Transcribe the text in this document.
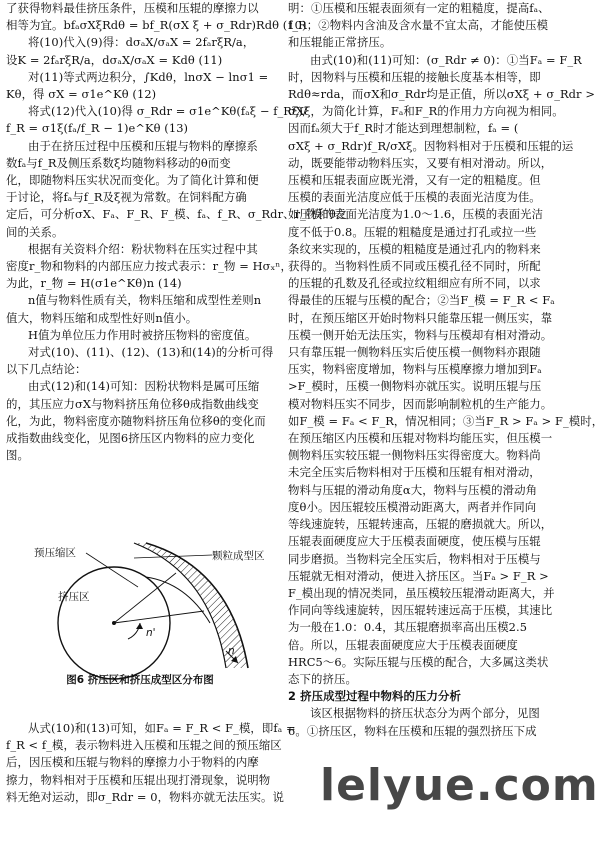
了获得物料最佳挤压条件，压模和压辊的摩擦力以
相等为宜。bfₐσXξRdθ = bf_R(σX ξ + σ_Rdr)Rdθ (10)
将(10)代入(9)得：dσₐX/σₐX = 2fₐrξR/a，
设K = 2fₐrξR/a，dσₐX/σₐX = Kdθ (11)
对(11)等式两边积分，∫Kdθ，lnσX − lnσ1 =
Kθ，得 σX = σ1e^Kθ (12)
将式(12)代入(10)得 σ_Rdr = σ1e^Kθ(fₐξ − f_Rξ)/
f_R = σ1ξ(fₐ/f_R − 1)e^Kθ (13)
由于在挤压过程中压模和压辊与物料的摩擦系
数fₐ与f_R及侧压系数ξ均随物料移动的θ而变
化，即随物料压实状况而变化。为了简化计算和便
于讨论，将fₐ与f_R及ξ视为常数。在饲料配方确
定后，可分析σX、Fₐ、F_R、F_模、fₐ、f_R、σ_Rdr、r_物和θ之
间的关系。
根据有关资料介绍：粉状物料在压实过程中其
密度r_物和物料的内部压应力按式表示：r_物 = Hσₓⁿ，
为此，r_物 = H(σ1e^Kθ)n (14)
n值与物料性质有关，物料压缩和成型性差则n
值大，物料压缩和成型性好则n值小。
H值为单位压力作用时被挤压物料的密度值。
对式(10)、(11)、(12)、(13)和(14)的分析可得
以下几点结论：
由式(12)和(14)可知：因粉状物料是属可压缩
的，其压应力σX与物料挤压角位移θ成指数曲线变
化，为此，物料密度亦随物料挤压角位移θ的变化而
成指数曲线变化，见图6挤压区内物料的应力变化
图。
预压缩区
挤压区
颗粒成型区
n'
n
图6 挤压区和挤压成型区分布图
从式(10)和(13)可知，如Fₐ = F_R < F_模，即fₐ =
f_R < f_模，表示物料进入压模和压辊之间的预压缩区
后，因压模和压辊与物料的摩擦力小于物料的内摩
擦力，物料相对于压模和压辊出现打滑现象，说明物
料无绝对运动，即σ_Rdr = 0，物料亦就无法压实。说
明：①压模和压辊表面须有一定的粗糙度，提高fₐ、
f_R；②物料内含油及含水量不宜太高，才能使压模
和压辊能正常挤压。
由式(10)和(11)可知：(σ_Rdr ≠ 0)：①当Fₐ = F_R
时，因物料与压模和压辊的接触长度基本相等，即
Rdθ≈rda，而σX和σ_Rdr均是正值，所以σXξ + σ_Rdr >
σXξ，为简化计算，Fₐ和F_R的作用力方向视为相同。
因而fₐ须大于f_R时才能达到理想制粒，fₐ = (
σXξ + σ_Rdr)f_R/σXξ。因物料相对于压模和压辊的运
动，既要能带动物料压实，又要有相对滑动。所以，
压模和压辊表面应既光滑，又有一定的粗糙度。但
压模的表面光洁度应低于压模的表面光洁度为佳。
如压模的表面光洁度为1.0～1.6，压模的表面光洁
度不低于0.8。压辊的粗糙度是通过打孔或拉一些
条纹来实现的，压模的粗糙度是通过孔内的物料来
获得的。当物料性质不同或压模孔径不同时，所配
的压辊的孔数及孔径或拉纹粗细应有所不同，以求
得最佳的压辊与压模的配合；②当F_模 = F_R < Fₐ
时，在预压缩区开始时物料只能靠压辊一侧压实，靠
压模一侧开始无法压实，物料与压模却有相对滑动。
只有靠压辊一侧物料压实后使压模一侧物料亦跟随
压实，物料密度增加，物料与压模摩擦力增加到Fₐ
>F_模时，压模一侧物料亦就压实。说明压辊与压
模对物料压实不同步，因而影响制粒机的生产能力。
如F_模 = Fₐ < F_R，情况相同；③当F_R > Fₐ > F_模时，
在预压缩区内压模和压辊对物料均能压实，但压模一
侧物料压实较压辊一侧物料压实得密度大。物料尚
未完全压实后物料相对于压模和压辊有相对滑动，
物料与压辊的滑动角度α大，物料与压模的滑动角
度θ小。因压辊较压模滑动距离大，两者并作同向
等线速旋转，压辊转速高，压辊的磨损就大。所以，
压辊表面硬度应大于压模表面硬度，使压模与压辊
同步磨损。当物料完全压实后，物料相对于压模与
压辊就无相对滑动，便进入挤压区。当Fₐ > F_R >
F_模出现的情况类同，虽压模较压辊滑动距离大，并
作同向等线速旋转，因压辊转速远高于压模，其速比
为一般在1.0：0.4，其压辊磨损率高出压模2.5
倍。所以，压辊表面硬度应大于压模表面硬度
HRC5～6。实际压辊与压模的配合，大多属这类状
态下的挤压。
2 挤压成型过程中物料的压力分析
该区根据物料的挤压状态分为两个部分，见图
6。①挤压区，物料在压模和压辊的强烈挤压下成
lelyue.com
